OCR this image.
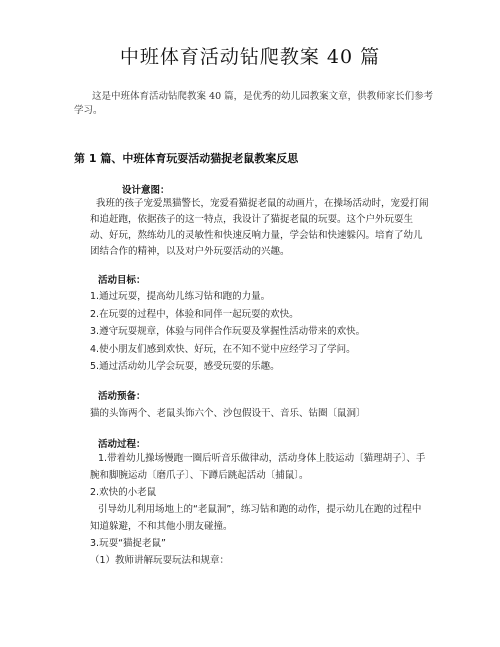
中班体育活动钻爬教案 40 篇
这是中班体育活动钻爬教案 40 篇，是优秀的幼儿园教案文章，供教师家长们参考学习。
第 1 篇、中班体育玩耍活动猫捉老鼠教案反思
设计意图：
我班的孩子宠爱黑猫警长，宠爱看猫捉老鼠的动画片，在操场活动时，宠爱打闹和追赶跑，依据孩子的这一特点，我设计了猫捉老鼠的玩耍。这个户外玩耍生动、好玩，熬练幼儿的灵敏性和快速反响力量，学会钻和快速躲闪。培育了幼儿团结合作的精神，以及对户外玩耍活动的兴趣。
活动目标：
1.通过玩耍，提高幼儿练习钻和跑的力量。
2.在玩耍的过程中，体验和同伴一起玩耍的欢快。
3.遵守玩耍规章，体验与同伴合作玩耍及掌握性活动带来的欢快。
4.使小朋友们感到欢快、好玩，在不知不觉中应经学习了学问。
5.通过活动幼儿学会玩耍，感受玩耍的乐趣。
活动预备：
猫的头饰两个、老鼠头饰六个、沙包假设干、音乐、钻圈〔鼠洞〕
活动过程：
1.带着幼儿操场慢跑一圈后听音乐做律动，活动身体上肢运动〔猫理胡子〕、手腕和脚腕运动〔磨爪子〕、下蹲后跳起活动〔捕鼠〕。
2.欢快的小老鼠
引导幼儿利用场地上的“老鼠洞”，练习钻和跑的动作，提示幼儿在跑的过程中知道躲避，不和其他小朋友碰撞。
3.玩耍“猫捉老鼠”
（1）教师讲解玩耍玩法和规章：
